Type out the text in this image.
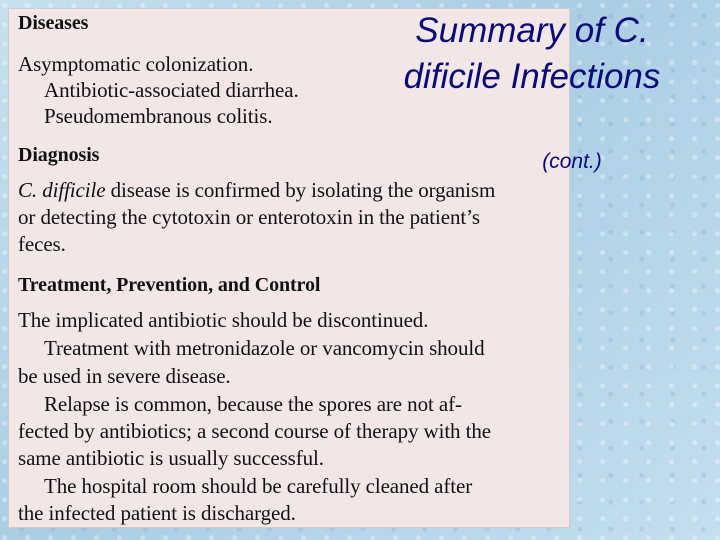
Diseases
Asymptomatic colonization.
Antibiotic-associated diarrhea.
Pseudomembranous colitis.
Diagnosis
C. difficile disease is confirmed by isolating the organism
or detecting the cytotoxin or enterotoxin in the patient’s
feces.
Treatment, Prevention, and Control
The implicated antibiotic should be discontinued.
Treatment with metronidazole or vancomycin should
be used in severe disease.
Relapse is common, because the spores are not af-
fected by antibiotics; a second course of therapy with the
same antibiotic is usually successful.
The hospital room should be carefully cleaned after
the infected patient is discharged.
Summary of C. dificile Infections
(cont.)
